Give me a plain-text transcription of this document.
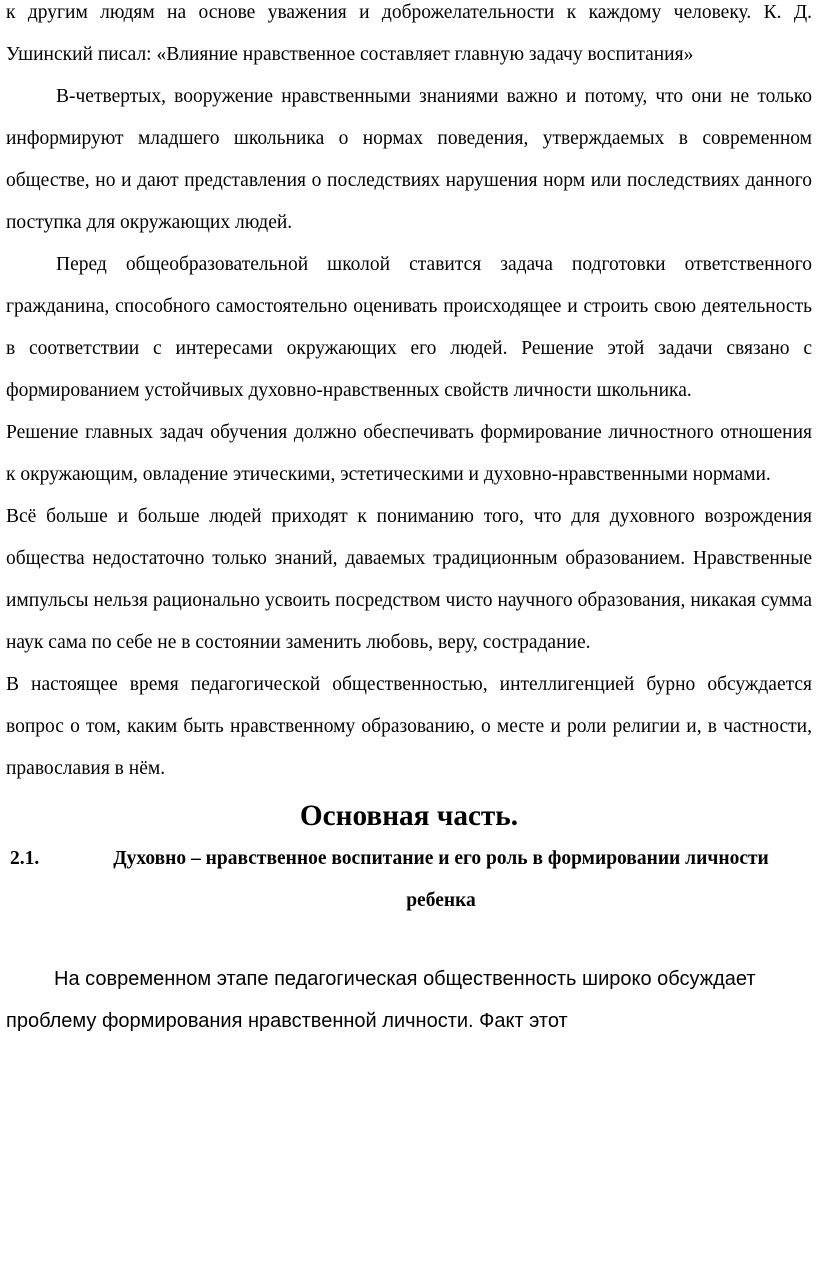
к другим людям на основе уважения и доброжелательности к каждому человеку. К. Д. Ушинский писал: «Влияние нравственное составляет главную задачу воспитания»

В-четвертых, вооружение нравственными знаниями важно и потому, что они не только информируют младшего школьника о нормах поведения, утверждаемых в современном обществе, но и дают представления о последствиях нарушения норм или последствиях данного поступка для окружающих людей.

Перед общеобразовательной школой ставится задача подготовки ответственного гражданина, способного самостоятельно оценивать происходящее и строить свою деятельность в соответствии с интересами окружающих его людей. Решение этой задачи связано с формированием устойчивых духовно-нравственных свойств личности школьника.

Решение главных задач обучения должно обеспечивать формирование личностного отношения к окружающим, овладение этическими, эстетическими и духовно-нравственными нормами.

Всё больше и больше людей приходят к пониманию того, что для духовного возрождения общества недостаточно только знаний, даваемых традиционным образованием. Нравственные импульсы нельзя рационально усвоить посредством чисто научного образования, никакая сумма наук сама по себе не в состоянии заменить любовь, веру, сострадание.

В настоящее время педагогической общественностью, интеллигенцией бурно обсуждается вопрос о том, каким быть нравственному образованию, о месте и роли религии и, в частности, православия в нём.

Основная часть.
2.1.	Духовно – нравственное воспитание и его роль в формировании личности ребенка

На современном этапе педагогическая общественность широко обсуждает проблему формирования нравственной личности. Факт этот
